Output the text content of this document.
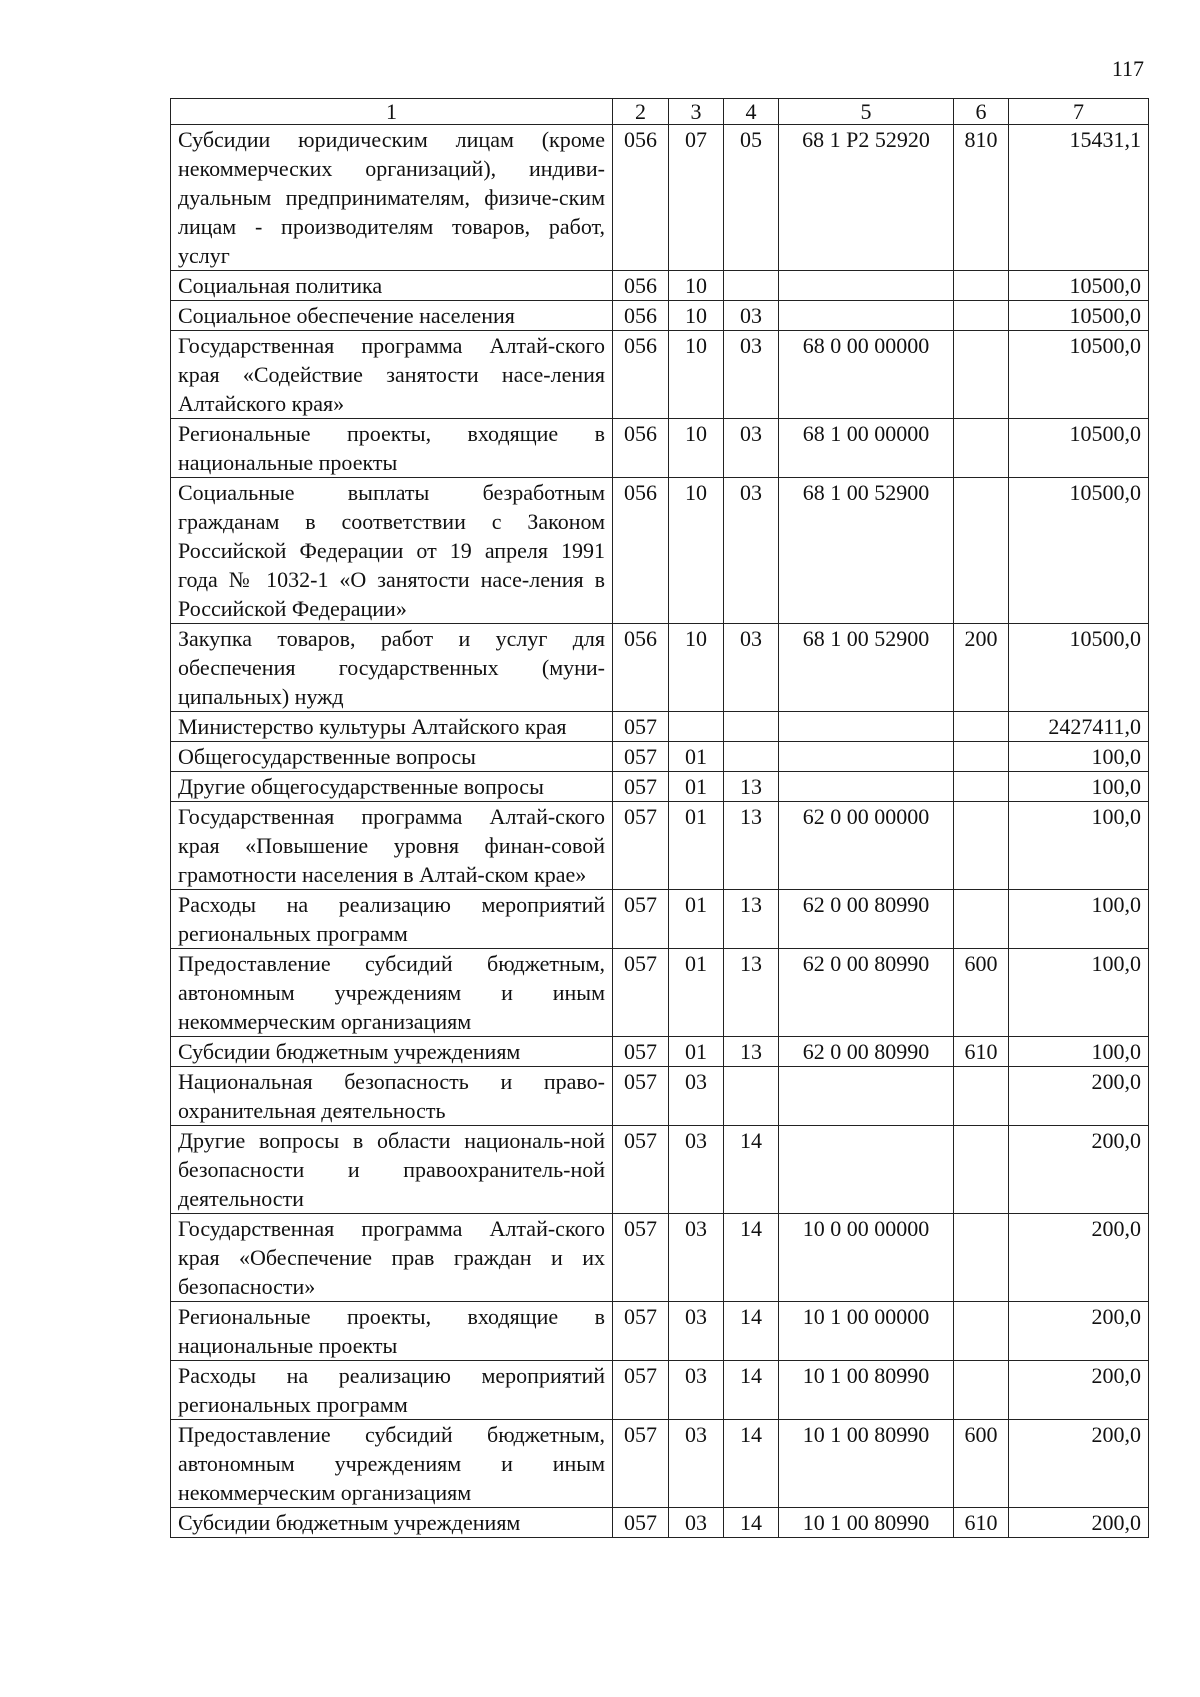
117
1	2	3	4	5	6	7
Субсидии юридическим лицам (кроме некоммерческих организаций), индиви-дуальным предпринимателям, физиче-ским лицам - производителям товаров, работ, услуг	056	07	05	68 1 P2 52920	810	15431,1
Социальная политика	056	10				10500,0
Социальное обеспечение населения	056	10	03			10500,0
Государственная программа Алтай-ского края «Содействие занятости насе-ления Алтайского края»	056	10	03	68 0 00 00000		10500,0
Региональные проекты, входящие в национальные проекты	056	10	03	68 1 00 00000		10500,0
Социальные выплаты безработным гражданам в соответствии с Законом Российской Федерации от 19 апреля 1991 года № 1032-1 «О занятости насе-ления в Российской Федерации»	056	10	03	68 1 00 52900		10500,0
Закупка товаров, работ и услуг для обеспечения государственных (муни-ципальных) нужд	056	10	03	68 1 00 52900	200	10500,0
Министерство культуры Алтайского края	057					2427411,0
Общегосударственные вопросы	057	01				100,0
Другие общегосударственные вопросы	057	01	13			100,0
Государственная программа Алтай-ского края «Повышение уровня финан-совой грамотности населения в Алтай-ском крае»	057	01	13	62 0 00 00000		100,0
Расходы на реализацию мероприятий региональных программ	057	01	13	62 0 00 80990		100,0
Предоставление субсидий бюджетным, автономным учреждениям и иным некоммерческим организациям	057	01	13	62 0 00 80990	600	100,0
Субсидии бюджетным учреждениям	057	01	13	62 0 00 80990	610	100,0
Национальная безопасность и право-охранительная деятельность	057	03				200,0
Другие вопросы в области националь-ной безопасности и правоохранитель-ной деятельности	057	03	14			200,0
Государственная программа Алтай-ского края «Обеспечение прав граждан и их безопасности»	057	03	14	10 0 00 00000		200,0
Региональные проекты, входящие в национальные проекты	057	03	14	10 1 00 00000		200,0
Расходы на реализацию мероприятий региональных программ	057	03	14	10 1 00 80990		200,0
Предоставление субсидий бюджетным, автономным учреждениям и иным некоммерческим организациям	057	03	14	10 1 00 80990	600	200,0
Субсидии бюджетным учреждениям	057	03	14	10 1 00 80990	610	200,0
